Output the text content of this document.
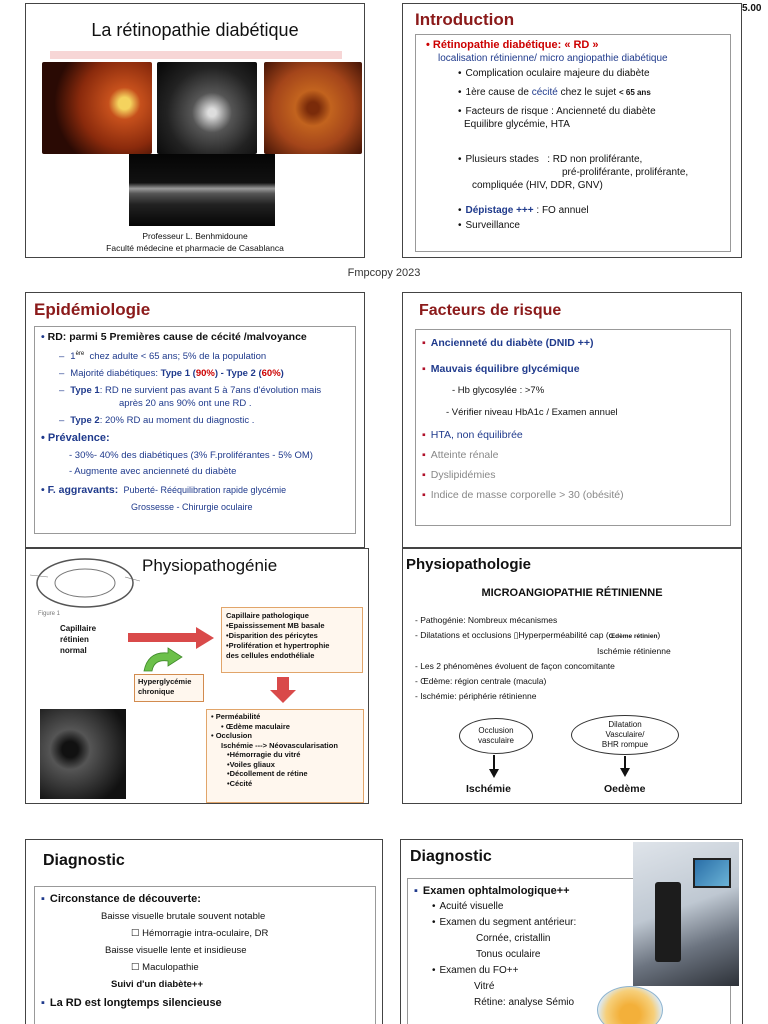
5.00
La rétinopathie diabétique
Professeur L. Benhmidoune
Faculté médecine et pharmacie de Casablanca
Introduction
• Rétinopathie diabétique: « RD »
localisation rétinienne/ micro angiopathie diabétique
• Complication oculaire majeure du diabète
• 1ère cause de cécité chez le sujet < 65 ans
• Facteurs de risque : Ancienneté du diabète
Equilibre glycémie, HTA
• Plusieurs stades : RD non proliférante,
pré-proliférante, proliférante,
compliquée (HIV, DDR, GNV)
• Dépistage +++ : FO annuel
• Surveillance
Fmpcopy 2023
Epidémiologie
• RD: parmi 5 Premières cause de cécité /malvoyance
– 1ère chez adulte < 65 ans; 5% de la population
– Majorité diabétiques: Type 1 (90%) - Type 2 (60%)
– Type 1: RD ne survient pas avant 5 à 7ans d'évolution mais
après 20 ans 90% ont une RD .
– Type 2: 20% RD au moment du diagnostic .
• Prévalence:
- 30%- 40% des diabétiques (3% F.proliférantes - 5% OM)
- Augmente avec ancienneté du diabète
• F. aggravants: Puberté- Rééquilibration rapide glycémie
Grossesse - Chirurgie oculaire
Facteurs de risque
▪ Ancienneté du diabète (DNID ++)
▪ Mauvais équilibre glycémique
- Hb glycosylée : >7%
- Vérifier niveau HbA1c / Examen annuel
▪ HTA, non équilibrée
▪ Atteinte rénale
▪ Dyslipidémies
▪ Indice de masse corporelle > 30 (obésité)
Physiopathogénie
Figure 1
Capillaire
rétinien
normal
Capillaire pathologique
•Epaississement MB basale
•Disparition des péricytes
•Prolifération et hypertrophie
des cellules endothéliale
Hyperglycémie
chronique
• Perméabilité
• Œdème maculaire
• Occlusion
Ischémie ---> Néovascularisation
•Hémorragie du vitré
•Voiles gliaux
•Décollement de rétine
•Cécité
Physiopathologie
MICROANGIOPATHIE RÉTINIENNE
- Pathogénie: Nombreux mécanismes
- Dilatations et occlusions ▯Hyperperméabilité cap (Œdème rétinien)
Ischémie rétinienne
- Les 2 phénomènes évoluent de façon concomitante
- Œdème: région centrale (macula)
- Ischémie: périphérie rétinienne
Occlusion
vasculaire
Dilatation
Vasculaire/
BHR rompue
Ischémie	Oedème
Diagnostic
▪ Circonstance de découverte:
Baisse visuelle brutale souvent notable
☐ Hémorragie intra-oculaire, DR
Baisse visuelle lente et insidieuse
☐ Maculopathie
Suivi d'un diabète++
▪ La RD est longtemps silencieuse
Diagnostic
▪ Examen ophtalmologique++
• Acuité visuelle
• Examen du segment antérieur:
Cornée, cristallin
Tonus oculaire
• Examen du FO++
Vitré
Rétine: analyse Sémio
